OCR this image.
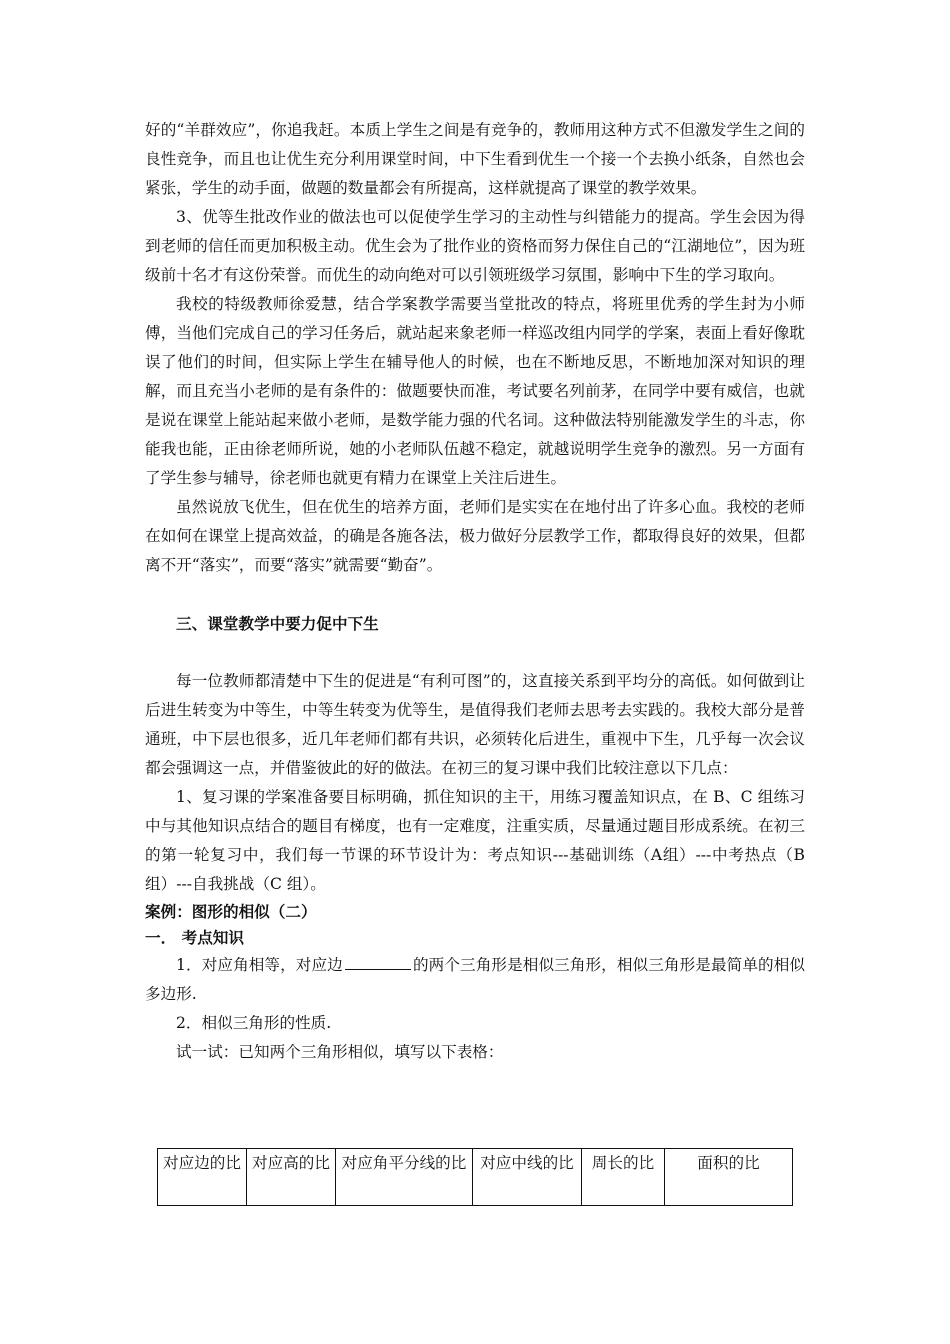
好的“羊群效应”，你追我赶。本质上学生之间是有竞争的，教师用这种方式不但激发学生之间的良性竞争，而且也让优生充分利用课堂时间，中下生看到优生一个接一个去换小纸条，自然也会紧张，学生的动手面，做题的数量都会有所提高，这样就提高了课堂的教学效果。

3、优等生批改作业的做法也可以促使学生学习的主动性与纠错能力的提高。学生会因为得到老师的信任而更加积极主动。优生会为了批作业的资格而努力保住自己的“江湖地位”，因为班级前十名才有这份荣誉。而优生的动向绝对可以引领班级学习氛围，影响中下生的学习取向。

我校的特级教师徐爱慧，结合学案教学需要当堂批改的特点，将班里优秀的学生封为小师傅，当他们完成自己的学习任务后，就站起来象老师一样巡改组内同学的学案，表面上看好像耽误了他们的时间，但实际上学生在辅导他人的时候，也在不断地反思，不断地加深对知识的理解，而且充当小老师的是有条件的：做题要快而准，考试要名列前茅，在同学中要有威信，也就是说在课堂上能站起来做小老师，是数学能力强的代名词。这种做法特别能激发学生的斗志，你能我也能，正由徐老师所说，她的小老师队伍越不稳定，就越说明学生竞争的激烈。另一方面有了学生参与辅导，徐老师也就更有精力在课堂上关注后进生。

虽然说放飞优生，但在优生的培养方面，老师们是实实在在地付出了许多心血。我校的老师在如何在课堂上提高效益，的确是各施各法，极力做好分层教学工作，都取得良好的效果，但都离不开“落实”，而要“落实”就需要“勤奋”。

三、课堂教学中要力促中下生

每一位教师都清楚中下生的促进是“有利可图”的，这直接关系到平均分的高低。如何做到让后进生转变为中等生，中等生转变为优等生，是值得我们老师去思考去实践的。我校大部分是普通班，中下层也很多，近几年老师们都有共识，必须转化后进生，重视中下生，几乎每一次会议都会强调这一点，并借鉴彼此的好的做法。在初三的复习课中我们比较注意以下几点：

1、复习课的学案准备要目标明确，抓住知识的主干，用练习覆盖知识点，在 B、C 组练习中与其他知识点结合的题目有梯度，也有一定难度，注重实质，尽量通过题目形成系统。在初三的第一轮复习中，我们每一节课的环节设计为：考点知识---基础训练（A组）---中考热点（B 组）---自我挑战（C 组）。

案例：图形的相似（二）

一． 考点知识

1．对应角相等，对应边	的两个三角形是相似三角形，相似三角形是最简单的相似多边形.

2．相似三角形的性质.

试一试：已知两个三角形相似，填写以下表格：

对应边的比	对应高的比	对应角平分线的比	对应中线的比	周长的比	面积的比
